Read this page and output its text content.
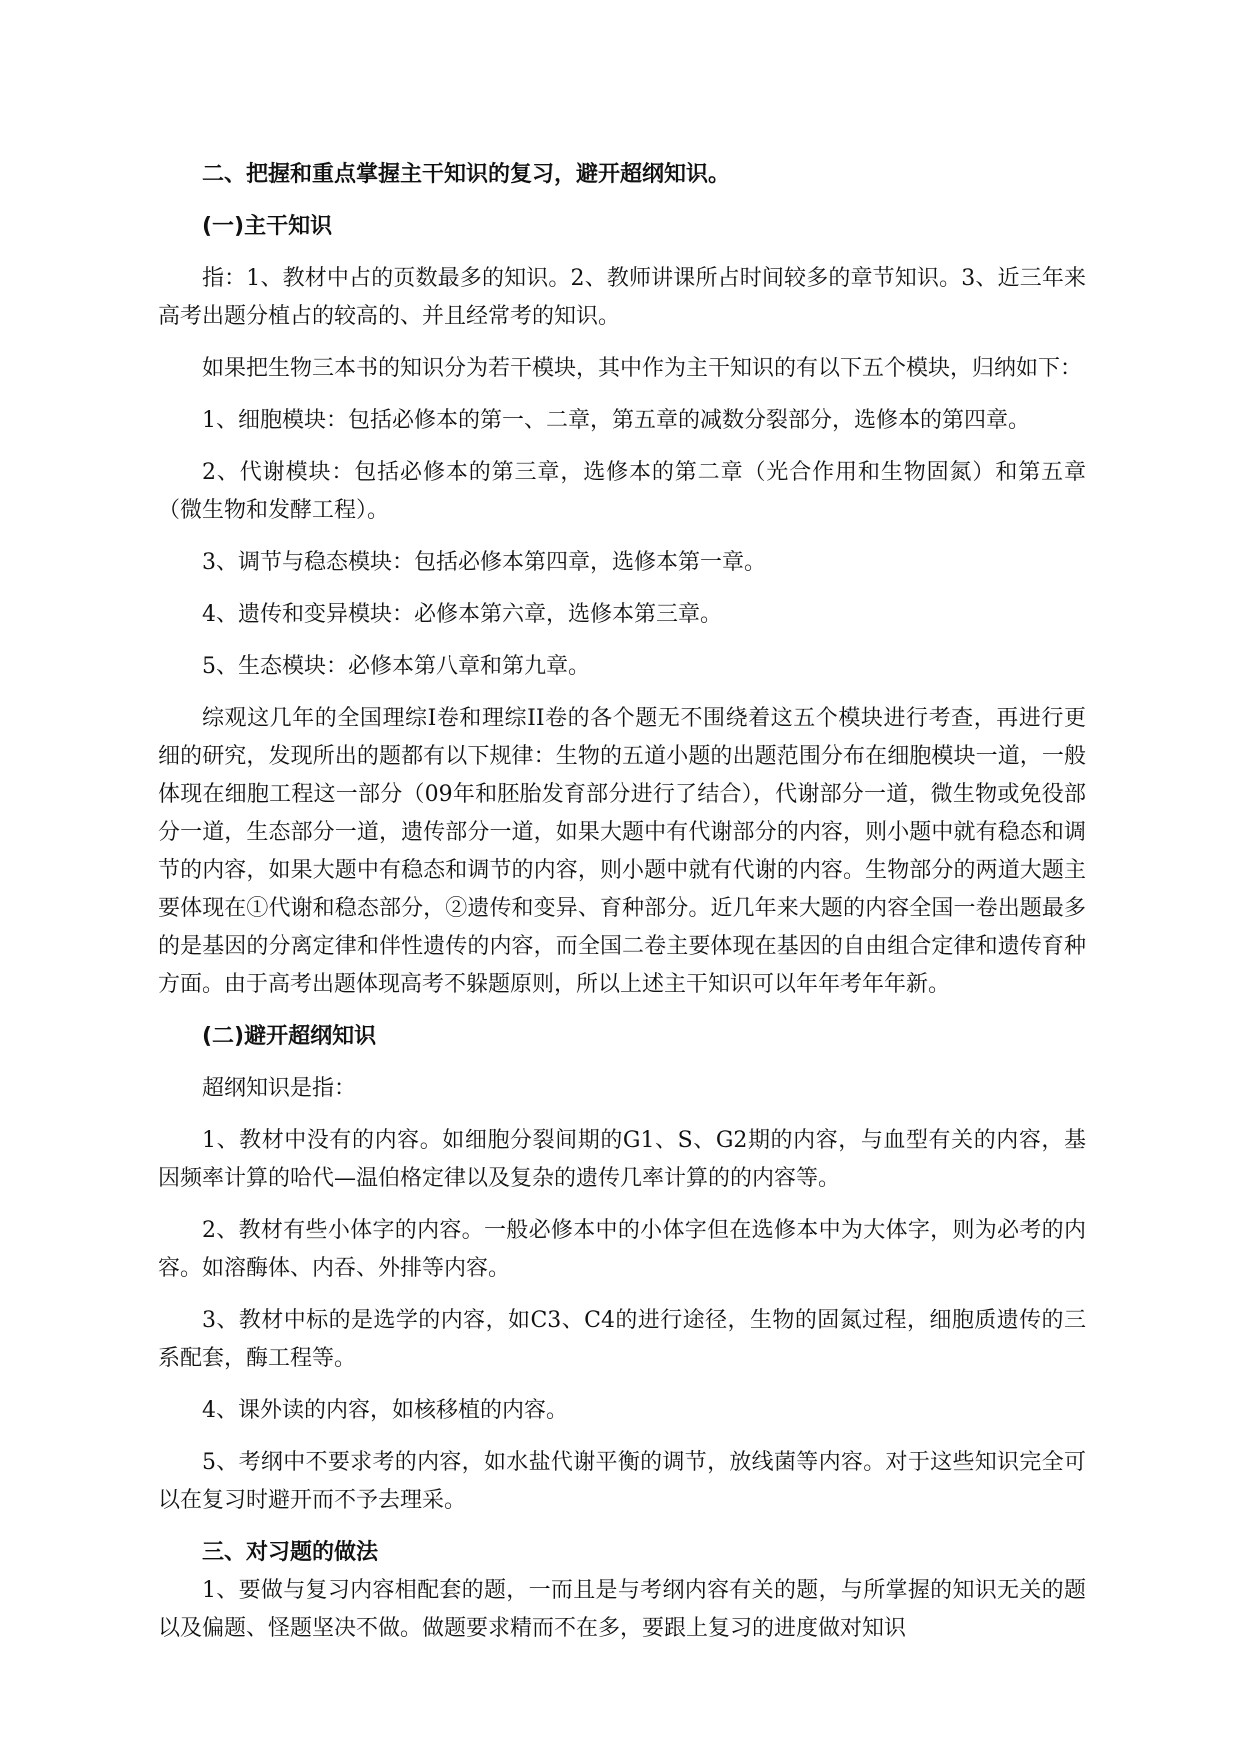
二、把握和重点掌握主干知识的复习，避开超纲知识。
(一)主干知识

指：1、教材中占的页数最多的知识。2、教师讲课所占时间较多的章节知识。3、近三年来高考出题分植占的较高的、并且经常考的知识。

如果把生物三本书的知识分为若干模块，其中作为主干知识的有以下五个模块，归纳如下：

1、细胞模块：包括必修本的第一、二章，第五章的减数分裂部分，选修本的第四章。

2、代谢模块：包括必修本的第三章，选修本的第二章（光合作用和生物固氮）和第五章（微生物和发酵工程）。

3、调节与稳态模块：包括必修本第四章，选修本第一章。

4、遗传和变异模块：必修本第六章，选修本第三章。

5、生态模块：必修本第八章和第九章。

综观这几年的全国理综I卷和理综II卷的各个题无不围绕着这五个模块进行考查，再进行更细的研究，发现所出的题都有以下规律：生物的五道小题的出题范围分布在细胞模块一道，一般体现在细胞工程这一部分（09年和胚胎发育部分进行了结合），代谢部分一道，微生物或免役部分一道，生态部分一道，遗传部分一道，如果大题中有代谢部分的内容，则小题中就有稳态和调节的内容，如果大题中有稳态和调节的内容，则小题中就有代谢的内容。生物部分的两道大题主要体现在①代谢和稳态部分，②遗传和变异、育种部分。近几年来大题的内容全国一卷出题最多的是基因的分离定律和伴性遗传的内容，而全国二卷主要体现在基因的自由组合定律和遗传育种方面。由于高考出题体现高考不躲题原则，所以上述主干知识可以年年考年年新。

(二)避开超纲知识

超纲知识是指：

1、教材中没有的内容。如细胞分裂间期的G1、S、G2期的内容，与血型有关的内容，基因频率计算的哈代—温伯格定律以及复杂的遗传几率计算的的内容等。

2、教材有些小体字的内容。一般必修本中的小体字但在选修本中为大体字，则为必考的内容。如溶酶体、内吞、外排等内容。

3、教材中标的是选学的内容，如C3、C4的进行途径，生物的固氮过程，细胞质遗传的三系配套，酶工程等。

4、课外读的内容，如核移植的内容。

5、考纲中不要求考的内容，如水盐代谢平衡的调节，放线菌等内容。对于这些知识完全可以在复习时避开而不予去理采。

三、对习题的做法

1、要做与复习内容相配套的题，一而且是与考纲内容有关的题，与所掌握的知识无关的题以及偏题、怪题坚决不做。做题要求精而不在多，要跟上复习的进度做对知识
